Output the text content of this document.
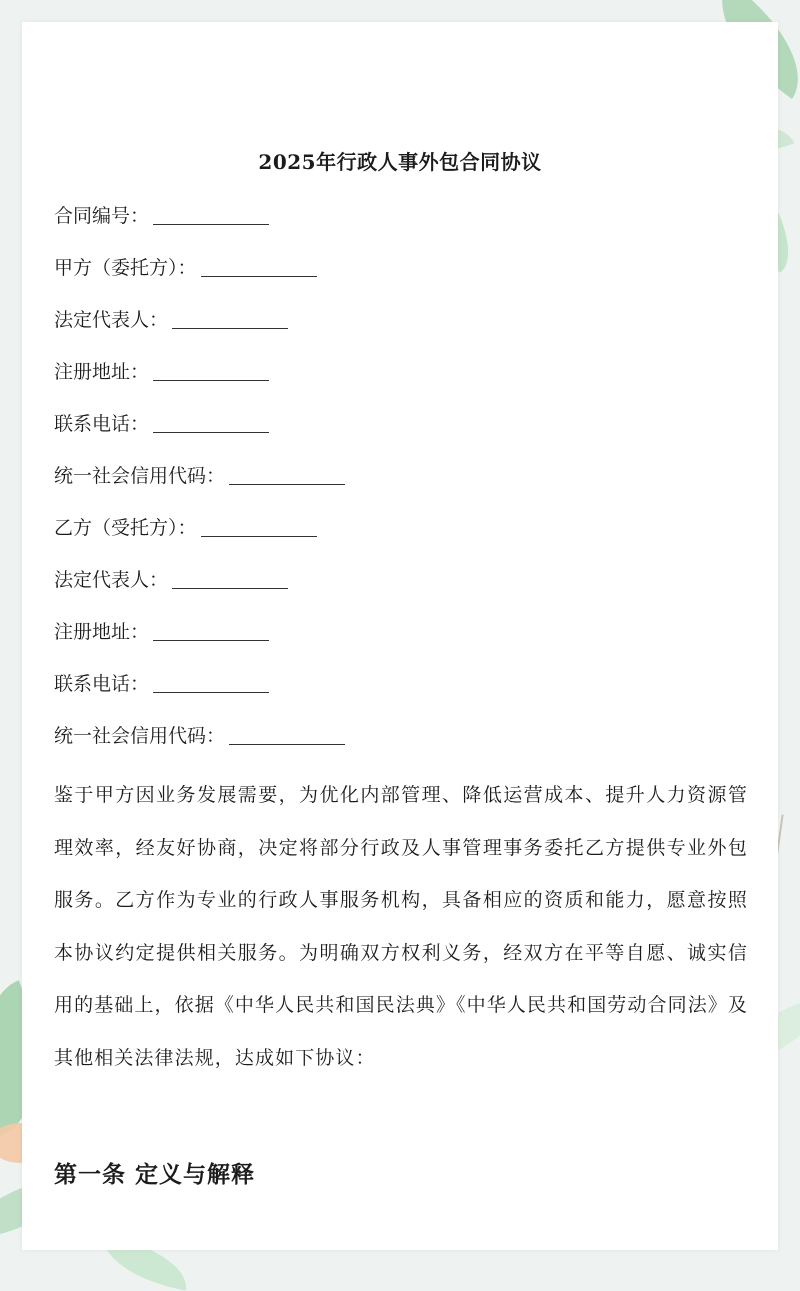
2025年行政人事外包合同协议
合同编号：
甲方（委托方）：
法定代表人：
注册地址：
联系电话：
统一社会信用代码：
乙方（受托方）：
法定代表人：
注册地址：
联系电话：
统一社会信用代码：
鉴于甲方因业务发展需要，为优化内部管理、降低运营成本、提升人力资源管理效率，经友好协商，决定将部分行政及人事管理事务委托乙方提供专业外包服务。乙方作为专业的行政人事服务机构，具备相应的资质和能力，愿意按照本协议约定提供相关服务。为明确双方权利义务，经双方在平等自愿、诚实信用的基础上，依据《中华人民共和国民法典》《中华人民共和国劳动合同法》及其他相关法律法规，达成如下协议：
第一条 定义与解释
